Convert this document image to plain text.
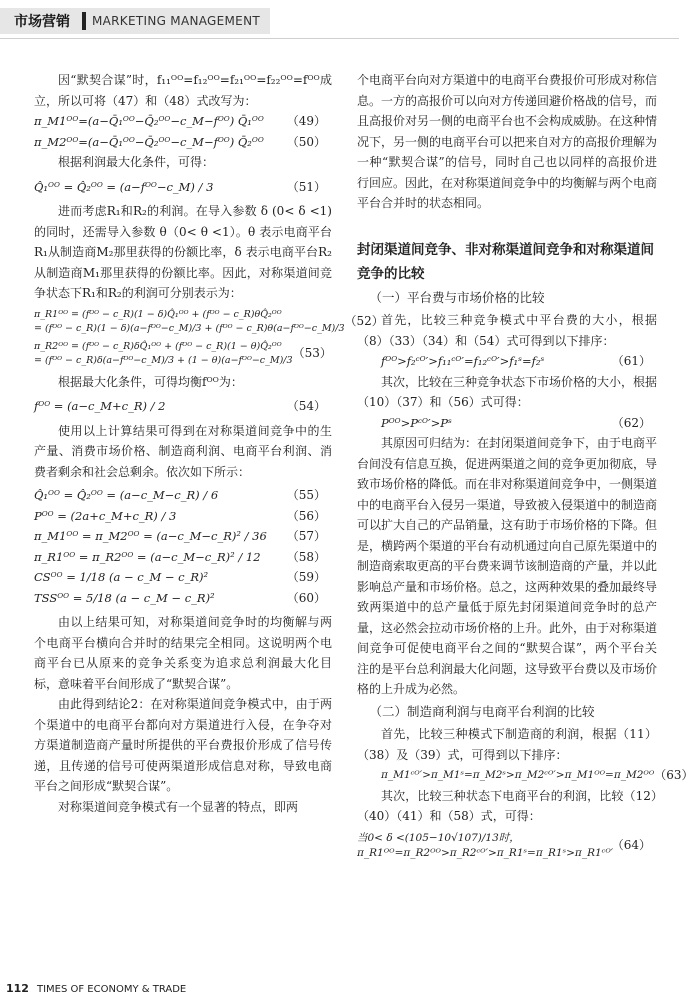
市场营销 MARKETING MANAGEMENT

因“默契合谋”时，f₁₁ᴼᴼ=f₁₂ᴼᴼ=f₂₁ᴼᴼ=f₂₂ᴼᴼ=fᴼᴼ成立，所以可将（47）和（48）式改写为：

π_M1ᴼᴼ=(a−Q̄₁ᴼᴼ−Q̄₂ᴼᴼ−c_M−fᴼᴼ) Q̄₁ᴼᴼ （49）
π_M2ᴼᴼ=(a−Q̄₁ᴼᴼ−Q̄₂ᴼᴼ−c_M−fᴼᴼ) Q̄₂ᴼᴼ （50）

根据利润最大化条件，可得：

Q̂₁ᴼᴼ = Q̂₂ᴼᴼ = (a−fᴼᴼ−c_M) / 3	（51）

进而考虑R₁和R₂的利润。在导入参数 δ (0< δ <1)的同时，还需导入参数 θ（0< θ <1）。θ 表示电商平台R₁从制造商M₂那里获得的份额比率，δ 表示电商平台R₂从制造商M₁那里获得的份额比率。因此，对称渠道间竞争状态下R₁和R₂的利润可分别表示为：

π_R1ᴼᴼ = (fᴼᴼ − c_R)(1 − δ)Q̂₁ᴼᴼ + (fᴼᴼ − c_R)θQ̂₂ᴼᴼ
= (fᴼᴼ − c_R)(1 − δ)(a−fᴼᴼ−c_M)/3 + (fᴼᴼ − c_R)θ(a−fᴼᴼ−c_M)/3 （52）
π_R2ᴼᴼ = (fᴼᴼ − c_R)δQ̂₁ᴼᴼ + (fᴼᴼ − c_R)(1 − θ)Q̂₂ᴼᴼ
= (fᴼᴼ − c_R)δ(a−fᴼᴼ−c_M)/3 + (1 − θ)(a−fᴼᴼ−c_M)/3 （53）

根据最大化条件，可得均衡fᴼᴼ为：

fᴼᴼ = (a−c_M+c_R) / 2	（54）

使用以上计算结果可得到在对称渠道间竞争中的生产量、消费市场价格、制造商利润、电商平台利润、消费者剩余和社会总剩余。依次如下所示：

Q̂₁ᴼᴼ = Q̂₂ᴼᴼ = (a−c_M−c_R) / 6	（55）
Pᴼᴼ = (2a+c_M+c_R) / 3	（56）
π_M1ᴼᴼ = π_M2ᴼᴼ = (a−c_M−c_R)² / 36 （57）
π_R1ᴼᴼ = π_R2ᴼᴼ = (a−c_M−c_R)² / 12 （58）
CSᴼᴼ = 1/18 (a − c_M − c_R)²	（59）
TSSᴼᴼ = 5/18 (a − c_M − c_R)²	（60）

由以上结果可知，对称渠道间竞争时的均衡解与两个电商平台横向合并时的结果完全相同。这说明两个电商平台已从原来的竞争关系变为追求总利润最大化目标，意味着平台间形成了“默契合谋”。

由此得到结论2：在对称渠道间竞争模式中，由于两个渠道中的电商平台都向对方渠道进行入侵，在争夺对方渠道制造商产量时所提供的平台费报价形成了信号传递，且传递的信号可使两渠道形成信息对称，导致电商平台之间形成“默契合谋”。

对称渠道间竞争模式有一个显著的特点，即两

个电商平台向对方渠道中的电商平台费报价可形成对称信息。一方的高报价可以向对方传递回避价格战的信号，而且高报价对另一侧的电商平台也不会构成威胁。在这种情况下，另一侧的电商平台可以把来自对方的高报价理解为一种“默契合谋”的信号，同时自己也以同样的高报价进行回应。因此，在对称渠道间竞争中的均衡解与两个电商平台合并时的状态相同。

封闭渠道间竞争、非对称渠道间竞争和对称渠道间竞争的比较
（一）平台费与市场价格的比较

首先，比较三种竞争模式中平台费的大小，根据（8）（33）（34）和（54）式可得到以下排序：

fᴼᴼ>f₂ᶜᴼ′>f₁₁ᶜᴼ′=f₁₂ᶜᴼ′>f₁ˢ=f₂ˢ	（61）

其次，比较在三种竞争状态下市场价格的大小，根据（10）（37）和（56）式可得：

Pᴼᴼ>Pᶜᴼ′>Pˢ	（62）

其原因可归结为：在封闭渠道间竞争下，由于电商平台间没有信息互换，促进两渠道之间的竞争更加彻底，导致市场价格的降低。而在非对称渠道间竞争中，一侧渠道中的电商平台入侵另一渠道，导致被入侵渠道中的制造商可以扩大自己的产品销量，这有助于市场价格的下降。但是，横跨两个渠道的平台有动机通过向自己原先渠道中的制造商索取更高的平台费来调节该制造商的产量，并以此影响总产量和市场价格。总之，这两种效果的叠加最终导致两渠道中的总产量低于原先封闭渠道间竞争时的总产量，这必然会拉动市场价格的上升。此外，由于对称渠道间竞争可促使电商平台之间的“默契合谋”，两个平台关注的是平台总利润最大化问题，这导致平台费以及市场价格的上升成为必然。

（二）制造商利润与电商平台利润的比较

首先，比较三种模式下制造商的利润，根据（11）（38）及（39）式，可得到以下排序：

π_M1ᶜᴼ′>π_M1ˢ=π_M2ˢ>π_M2ᶜᴼ′>π_M1ᴼᴼ=π_M2ᴼᴼ （63）

其次，比较三种状态下电商平台的利润，比较（12）（40）（41）和（58）式，可得：

当0< δ <(105−10√107)/13时，π_R1ᴼᴼ=π_R2ᴼᴼ>π_R2ᶜᴼ′>π_R1ˢ=π_R1ˢ>π_R1ᶜᴼ′
（64）
112 TIMES OF ECONOMY & TRADE
